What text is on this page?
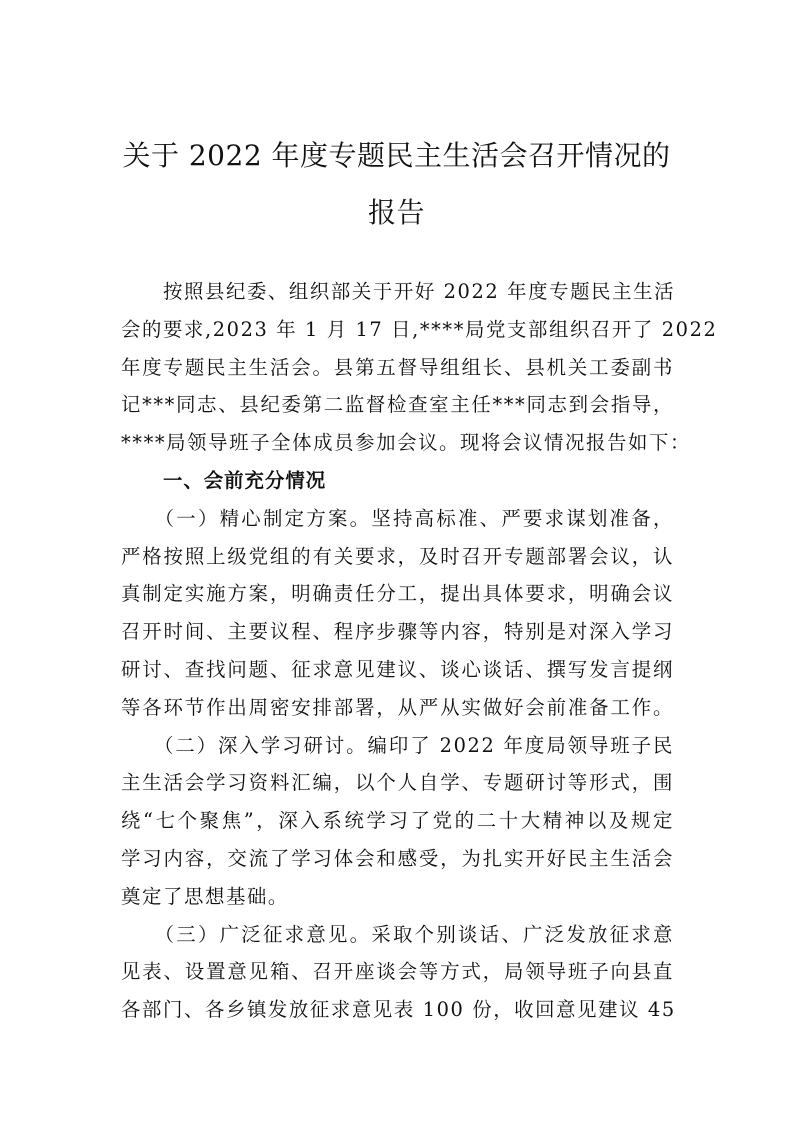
关于 2022 年度专题民主生活会召开情况的
报告
　　按照县纪委、组织部关于开好 2022 年度专题民主生活
会的要求,2023 年 1 月 17 日,****局党支部组织召开了 2022
年度专题民主生活会。县第五督导组组长、县机关工委副书
记***同志、县纪委第二监督检查室主任***同志到会指导，
****局领导班子全体成员参加会议。现将会议情况报告如下：
一、会前充分情况
　　（一）精心制定方案。坚持高标准、严要求谋划准备，
严格按照上级党组的有关要求，及时召开专题部署会议，认
真制定实施方案，明确责任分工，提出具体要求，明确会议
召开时间、主要议程、程序步骤等内容，特别是对深入学习
研讨、查找问题、征求意见建议、谈心谈话、撰写发言提纲
等各环节作出周密安排部署，从严从实做好会前准备工作。
　　（二）深入学习研讨。编印了 2022 年度局领导班子民
主生活会学习资料汇编，以个人自学、专题研讨等形式，围
绕“七个聚焦”，深入系统学习了党的二十大精神以及规定
学习内容，交流了学习体会和感受，为扎实开好民主生活会
奠定了思想基础。
　　（三）广泛征求意见。采取个别谈话、广泛发放征求意
见表、设置意见箱、召开座谈会等方式，局领导班子向县直
各部门、各乡镇发放征求意见表 100 份，收回意见建议 45
